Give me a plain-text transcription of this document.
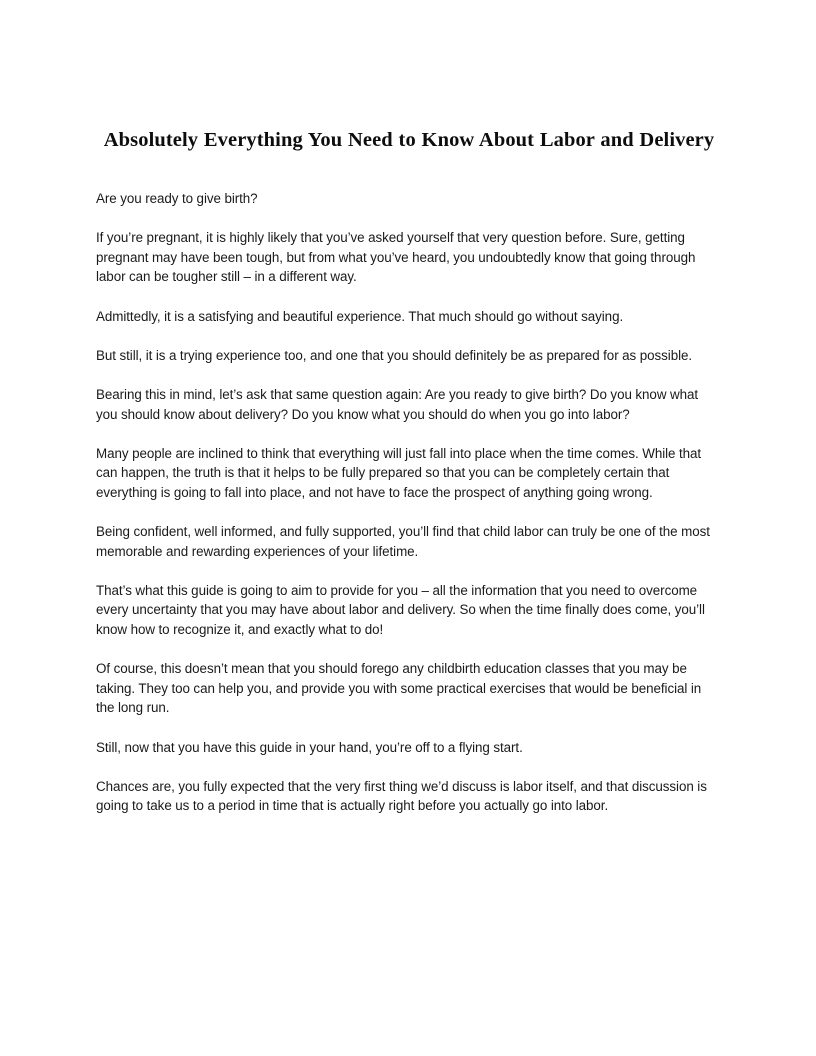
Absolutely Everything You Need to Know About Labor and Delivery

Are you ready to give birth?

If you’re pregnant, it is highly likely that you’ve asked yourself that very question before. Sure, getting pregnant may have been tough, but from what you’ve heard, you undoubtedly know that going through labor can be tougher still – in a different way.

Admittedly, it is a satisfying and beautiful experience. That much should go without saying.

But still, it is a trying experience too, and one that you should definitely be as prepared for as possible.

Bearing this in mind, let’s ask that same question again: Are you ready to give birth? Do you know what you should know about delivery? Do you know what you should do when you go into labor?

Many people are inclined to think that everything will just fall into place when the time comes. While that can happen, the truth is that it helps to be fully prepared so that you can be completely certain that everything is going to fall into place, and not have to face the prospect of anything going wrong.

Being confident, well informed, and fully supported, you’ll find that child labor can truly be one of the most memorable and rewarding experiences of your lifetime.

That’s what this guide is going to aim to provide for you – all the information that you need to overcome every uncertainty that you may have about labor and delivery. So when the time finally does come, you’ll know how to recognize it, and exactly what to do!

Of course, this doesn’t mean that you should forego any childbirth education classes that you may be taking. They too can help you, and provide you with some practical exercises that would be beneficial in the long run.

Still, now that you have this guide in your hand, you’re off to a flying start.

Chances are, you fully expected that the very first thing we’d discuss is labor itself, and that discussion is going to take us to a period in time that is actually right before you actually go into labor.
